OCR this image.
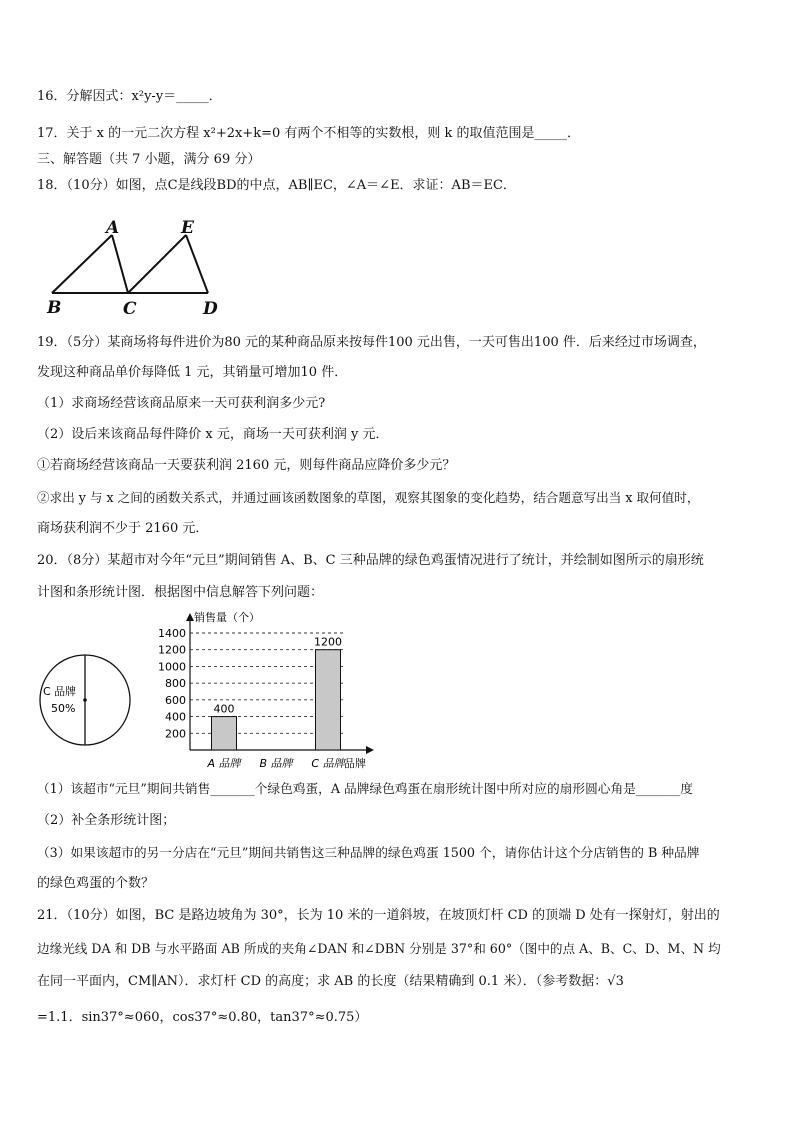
16．分解因式：x²y-y＝_____．
17．关于 x 的一元二次方程 x²+2x+k=0 有两个不相等的实数根，则 k 的取值范围是_____．
三、解答题（共 7 小题，满分 69 分）
18．（10分）如图，点C是线段BD的中点，AB∥EC，∠A＝∠E．求证：AB＝EC．
A	E
B	C	D
19．（5分）某商场将每件进价为80 元的某种商品原来按每件100 元出售，一天可售出100 件．后来经过市场调查，
发现这种商品单价每降低 1 元，其销量可增加10 件．
（1）求商场经营该商品原来一天可获利润多少元?
（2）设后来该商品每件降价 x 元，商场一天可获利润 y 元．
①若商场经营该商品一天要获利润 2160 元，则每件商品应降价多少元？
②求出 y 与 x 之间的函数关系式，并通过画该函数图象的草图，观察其图象的变化趋势，结合题意写出当 x 取何值时，
商场获利润不少于 2160 元．
20．（8分）某超市对今年“元旦”期间销售 A、B、C 三种品牌的绿色鸡蛋情况进行了统计，并绘制如图所示的扇形统
计图和条形统计图．根据图中信息解答下列问题：
C 品牌
50%
销售量（个）
品牌
200
400
600
800
1000
1200
1400
400
A 品牌 B 品牌
1200
C 品牌
（1）该超市“元旦”期间共销售_______个绿色鸡蛋，A 品牌绿色鸡蛋在扇形统计图中所对应的扇形圆心角是_______度
（2）补全条形统计图；
（3）如果该超市的另一分店在“元旦”期间共销售这三种品牌的绿色鸡蛋 1500 个，请你估计这个分店销售的 B 种品牌
的绿色鸡蛋的个数？
21．（10分）如图，BC 是路边坡角为 30°，长为 10 米的一道斜坡，在坡顶灯杆 CD 的顶端 D 处有一探射灯，射出的
边缘光线 DA 和 DB 与水平路面 AB 所成的夹角∠DAN 和∠DBN 分别是 37°和 60°（图中的点 A、B、C、D、M、N 均
在同一平面内，CM∥AN）．求灯杆 CD 的高度；求 AB 的长度（结果精确到 0.1 米）．（参考数据：√3
=1.1．sin37°≈060，cos37°≈0.80，tan37°≈0.75）
